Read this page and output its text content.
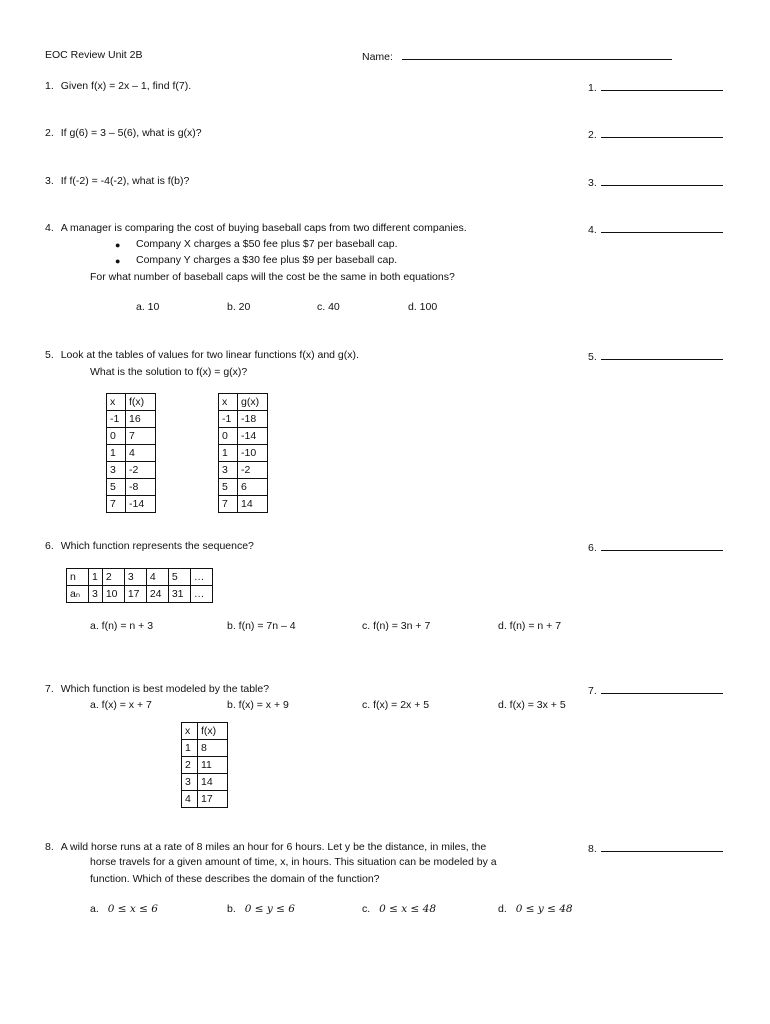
EOC Review Unit 2B	Name:
1. Given f(x) = 2x – 1, find f(7).	1.
2. If g(6) = 3 – 5(6), what is g(x)?	2.
3. If f(-2) = -4(-2), what is f(b)?	3.
4. A manager is comparing the cost of buying baseball caps from two different companies.	4.
● Company X charges a $50 fee plus $7 per baseball cap.
● Company Y charges a $30 fee plus $9 per baseball cap.
For what number of baseball caps will the cost be the same in both equations?
a. 10	b. 20	c. 40	d. 100
5. Look at the tables of values for two linear functions f(x) and g(x).	5.
What is the solution to f(x) = g(x)?
x	f(x)
-1	16
0	7
1	4
3	-2
5	-8
7	-14
x	g(x)
-1	-18
0	-14
1	-10
3	-2
5	6
7	14
6. Which function represents the sequence?	6.
n	1	2	3	4	5	…
aₙ	3	10	17	24	31	…
a. f(n) = n + 3	b. f(n) = 7n – 4	c. f(n) = 3n + 7	d. f(n) = n + 7
7. Which function is best modeled by the table?	7.
a. f(x) = x + 7	b. f(x) = x + 9	c. f(x) = 2x + 5	d. f(x) = 3x + 5
x	f(x)
1	8
2	11
3	14
4	17
8. A wild horse runs at a rate of 8 miles an hour for 6 hours. Let y be the distance, in miles, the	8.
horse travels for a given amount of time, x, in hours. This situation can be modeled by a
function. Which of these describes the domain of the function?
a. 0 ≤ x ≤ 6	b. 0 ≤ y ≤ 6	c. 0 ≤ x ≤ 48	d. 0 ≤ y ≤ 48
